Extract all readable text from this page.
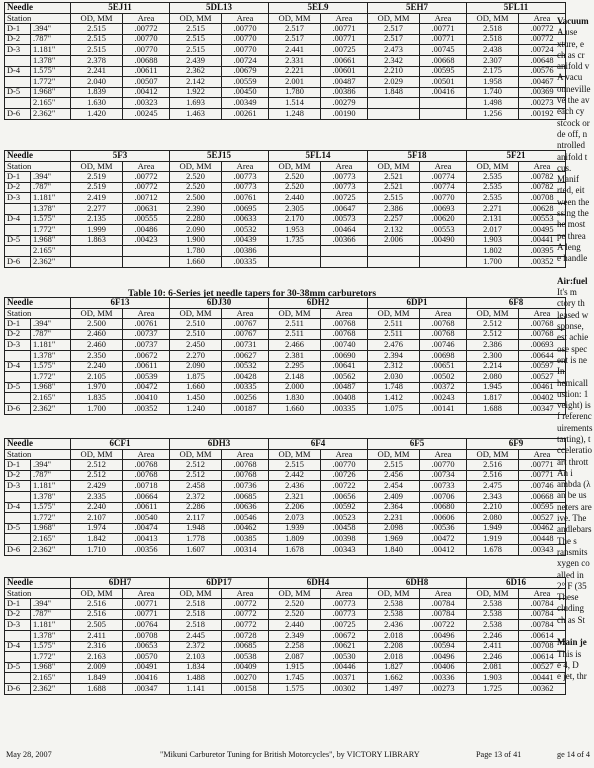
Needle		5EJ11		5DL13		5EL9		5EH7		5FL11	
Station		OD, MM	Area	OD, MM	Area	OD, MM	Area	OD, MM	Area	OD, MM	Area
D-1	.394"	2.515	.00772	2.515	.00770	2.517	.00771	2.517	.00771	2.518	.00772
D-2	.787"	2.515	.00770	2.515	.00770	2.517	.00771	2.517	.00771	2.518	.00772
D-3	1.181"	2.515	.00770	2.515	.00770	2.441	.00725	2.473	.00745	2.438	.00724
	1.378"	2.378	.00688	2.439	.00724	2.331	.00661	2.342	.00668	2.307	.00648
D-4	1.575"	2.241	.00611	2.362	.00679	2.221	.00601	2.210	.00595	2.175	.00576
	1.772"	2.040	.00507	2.142	.00559	2.001	.00487	2.029	.00501	1.958	.00467
D-5	1.968"	1.839	.00412	1.922	.00450	1.780	.00386	1.848	.00416	1.740	.00369
	2.165"	1.630	.00323	1.693	.00349	1.514	.00279			1.498	.00273
D-6	2.362"	1.420	.00245	1.463	.00261	1.248	.00190			1.256	.00192
Needle		5F3		5EJ15		5FL14		5F18		5F21	
Station		OD, MM	Area	OD, MM	Area	OD, MM	Area	OD, MM	Area	OD, MM	Area
D-1	.394"	2.519	.00772	2.520	.00773	2.520	.00773	2.521	.00774	2.535	.00782
D-2	.787"	2.519	.00772	2.520	.00773	2.520	.00773	2.521	.00774	2.535	.00782
D-3	1.181"	2.419	.00712	2.500	.00761	2.440	.00725	2.515	.00770	2.535	.00708
	1.378"	2.277	.00631	2.390	.00695	2.305	.00647	2.386	.00693	2.271	.00628
D-4	1.575"	2.135	.00555	2.280	.00633	2.170	.00573	2.257	.00620	2.131	.00553
	1.772"	1.999	.00486	2.090	.00532	1.953	.00464	2.132	.00553	2.017	.00495
D-5	1.968"	1.863	.00423	1.900	.00439	1.735	.00366	2.006	.00490	1.903	.00441
	2.165"			1.780	.00386					1.802	.00395
D-6	2.362"			1.660	.00335					1.700	.00352
Table 10: 6-Series jet needle tapers for 30-38mm carburetors
Needle		6F13		6DJ30		6DH2		6DP1		6F8	
Station		OD, MM	Area	OD, MM	Area	OD, MM	Area	OD, MM	Area	OD, MM	Area
D-1	.394"	2.500	.00761	2.510	.00767	2.511	.00768	2.511	.00768	2.512	.00768
D-2	.787"	2.460	.00737	2.510	.00767	2.511	.00768	2.511	.00768	2.512	.00768
D-3	1.181"	2.460	.00737	2.450	.00731	2.466	.00740	2.476	.00746	2.386	.00693
	1.378"	2.350	.00672	2.270	.00627	2.381	.00690	2.394	.00698	2.300	.00644
D-4	1.575"	2.240	.00611	2.090	.00532	2.295	.00641	2.312	.00651	2.214	.00597
	1.772"	2.105	.00539	1.875	.00428	2.148	.00562	2.030	.00502	2.080	.00527
D-5	1.968"	1.970	.00472	1.660	.00335	2.000	.00487	1.748	.00372	1.945	.00461
	2.165"	1.835	.00410	1.450	.00256	1.830	.00408	1.412	.00243	1.817	.00402
D-6	2.362"	1.700	.00352	1.240	.00187	1.660	.00335	1.075	.00141	1.688	.00347
Needle		6CF1		6DH3		6F4		6F5		6F9	
Station		OD, MM	Area	OD, MM	Area	OD, MM	Area	OD, MM	Area	OD, MM	Area
D-1	.394"	2.512	.00768	2.512	.00768	2.515	.00770	2.515	.00770	2.516	.00771
D-2	.787"	2.512	.00768	2.512	.00768	2.442	.00726	2.456	.00734	2.516	.00771
D-3	1.181"	2.429	.00718	2.458	.00736	2.436	.00722	2.454	.00733	2.475	.00746
	1.378"	2.335	.00664	2.372	.00685	2.321	.00656	2.409	.00706	2.343	.00668
D-4	1.575"	2.240	.00611	2.286	.00636	2.206	.00592	2.364	.00680	2.210	.00595
	1.772"	2.107	.00540	2.117	.00546	2.073	.00523	2.231	.00606	2.080	.00527
D-5	1.968"	1.974	.00474	1.948	.00462	1.939	.00458	2.098	.00536	1.949	.00462
	2.165"	1.842	.00413	1.778	.00385	1.809	.00398	1.969	.00472	1.919	.00448
D-6	2.362"	1.710	.00356	1.607	.00314	1.678	.00343	1.840	.00412	1.678	.00343
Needle		6DH7		6DP17		6DH4		6DH8		6D16	
Station		OD, MM	Area	OD, MM	Area	OD, MM	Area	OD, MM	Area	OD, MM	Area
D-1	.394"	2.516	.00771	2.518	.00772	2.520	.00773	2.538	.00784	2.538	.00784
D-2	.787"	2.516	.00771	2.518	.00772	2.520	.00773	2.538	.00784	2.538	.00784
D-3	1.181"	2.505	.00764	2.518	.00772	2.440	.00725	2.436	.00722	2.538	.00784
	1.378"	2.411	.00708	2.445	.00728	2.349	.00672	2.018	.00496	2.246	.00614
D-4	1.575"	2.316	.00653	2.372	.00685	2.258	.00621	2.208	.00594	2.411	.00708
	1.772"	2.163	.00570	2.103	.00538	2.087	.00530	2.018	.00496	2.246	.00614
D-5	1.968"	2.009	.00491	1.834	.00409	1.915	.00446	1.827	.00406	2.081	.00527
	2.165"	1.849	.00416	1.488	.00270	1.745	.00371	1.662	.00336	1.903	.00441
D-6	2.362"	1.688	.00347	1.141	.00158	1.575	.00302	1.497	.00273	1.725	.00362
Vacuum
A use
xture, e
ch as cr
anifold v
A vacu
onneville
ve the av
each cy
stcock or
de off, n
ntrolled
anifold t
cus.
Manif
rted, eit
ween the
ssing the
he most
pe threa
A leng
e handle
Air:fuel
It's m
ctory th
leased w
sponse,
est achie
ose spec
ent is ne
In
hemicall
ustion: 1
veight) is
f referenc
uirements
tarting), t
cceleratio
art thrott
An i
ambda (λ
an be us
neters are
ive. The
andlebars
The s
ransmits
xygen co
alled in
2° F (35
These
cluding
ch as St
Main je
This is
e 4, D
e jet, thr
May 28, 2007	"Mikuni Carburetor Tuning for British Motorcycles", by VICTORY LIBRARY	Page 13 of 41	ge 14 of 4
